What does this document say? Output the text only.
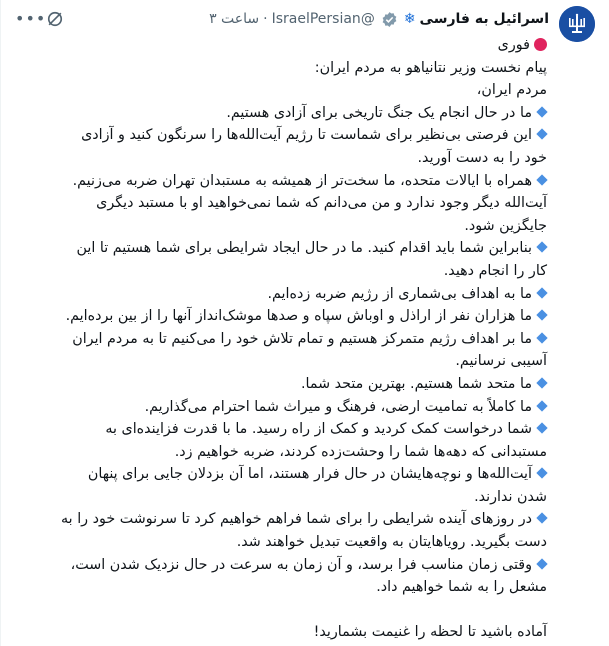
اسرائیل به فارسی
❄
@IsraelPersian
·
ساعت ۳
•••

فوری

پیام نخست وزیر نتانیاهو به مردم ایران:

مردم ایران،

ما در حال انجام یک جنگ تاریخی برای آزادی هستیم.

این فرصتی بی‌نظیر برای شماست تا رژیم آیت‌الله‌ها را سرنگون کنید و آزادی خود را به دست آورید.

همراه با ایالات متحده، ما سخت‌تر از همیشه به مستبدان تهران ضربه می‌زنیم. آیت‌الله دیگر وجود ندارد و من می‌دانم که شما نمی‌خواهید او با مستبد دیگری جایگزین شود.

بنابراین شما باید اقدام کنید. ما در حال ایجاد شرایطی برای شما هستیم تا این کار را انجام دهید.

ما به اهداف بی‌شماری از رژیم ضربه زده‌ایم.

ما هزاران نفر از اراذل و اوباش سپاه و صدها موشک‌انداز آنها را از بین برده‌ایم.

ما بر اهداف رژیم متمرکز هستیم و تمام تلاش خود را می‌کنیم تا به مردم ایران آسیبی نرسانیم.

ما متحد شما هستیم. بهترین متحد شما.

ما کاملاً به تمامیت ارضی، فرهنگ و میراث شما احترام می‌گذاریم.

شما درخواست کمک کردید و کمک از راه رسید. ما با قدرت فزاینده‌ای به مستبدانی که دهه‌ها شما را وحشت‌زده کردند، ضربه خواهیم زد.

آیت‌الله‌ها و نوچه‌هایشان در حال فرار هستند، اما آن بزدلان جایی برای پنهان شدن ندارند.

در روزهای آینده شرایطی را برای شما فراهم خواهیم کرد تا سرنوشت خود را به دست بگیرید. رویاهایتان به واقعیت تبدیل خواهند شد.

وقتی زمان مناسب فرا برسد، و آن زمان به سرعت در حال نزدیک شدن است، مشعل را به شما خواهیم داد.

آماده باشید تا لحظه را غنیمت بشمارید!
